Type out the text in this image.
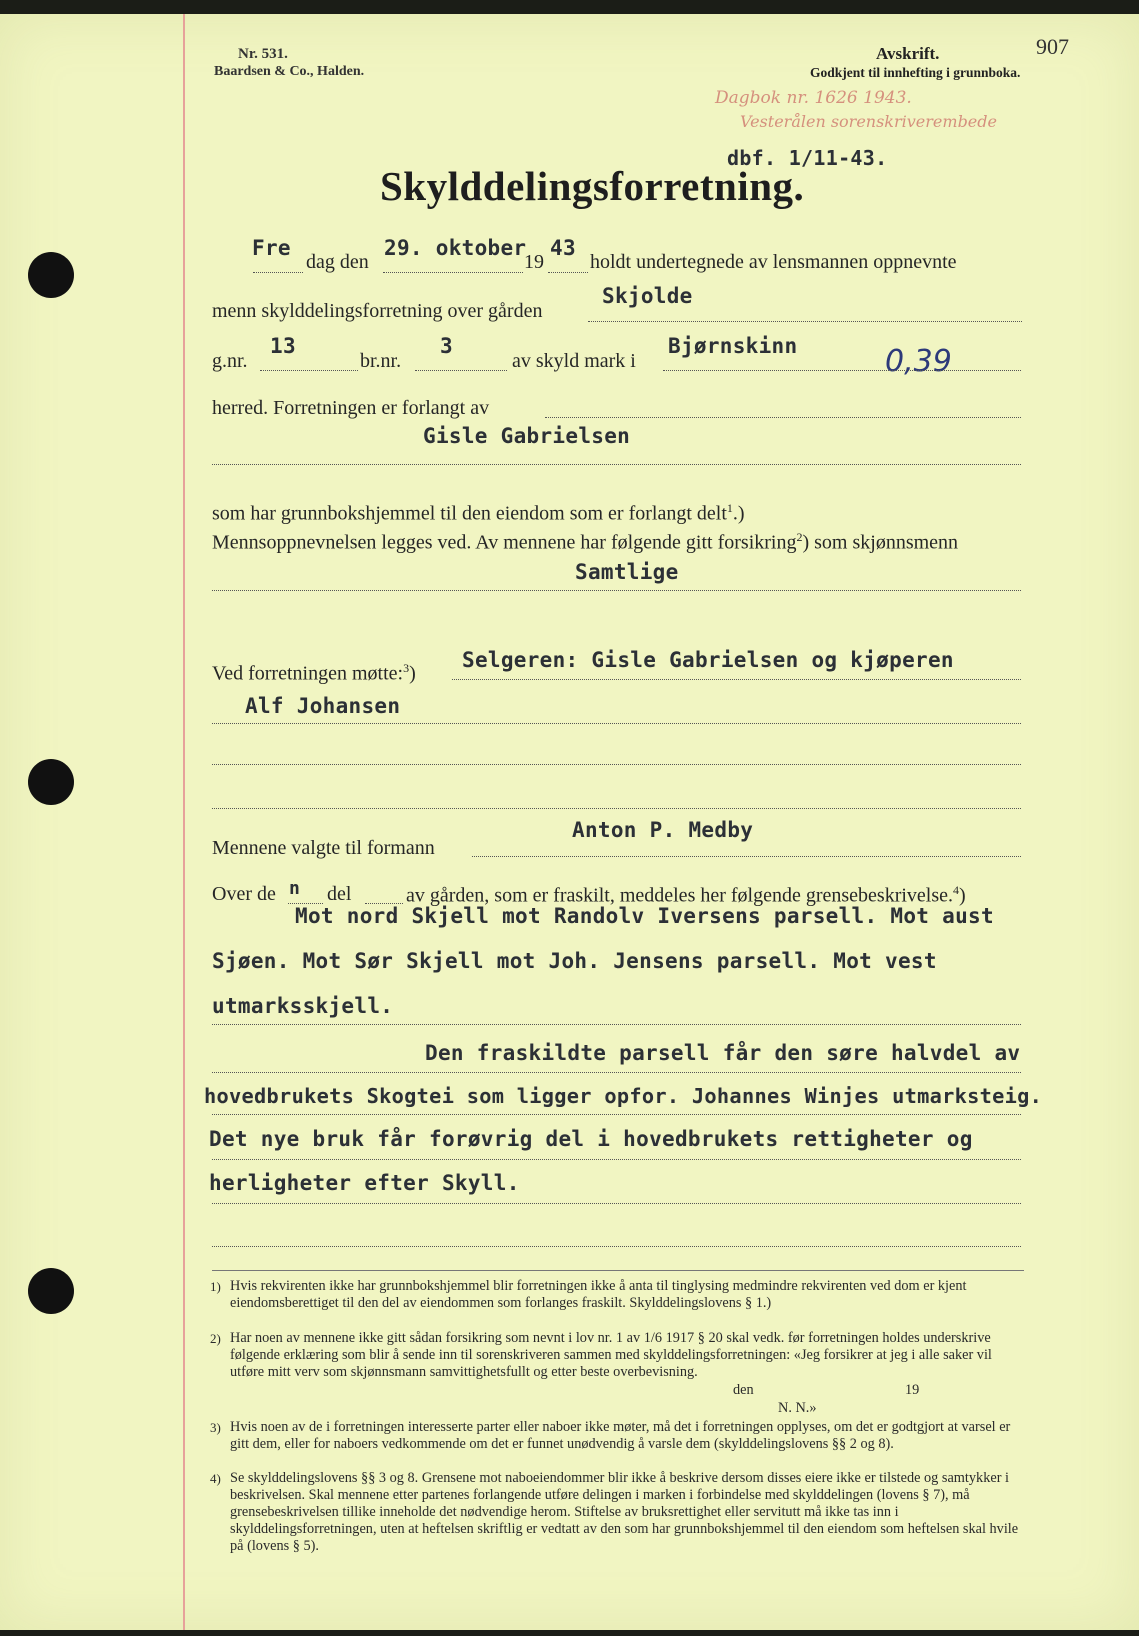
Nr. 531.
Baardsen & Co., Halden.
Avskrift.
Godkjent til innhefting i grunnboka.
907
Dagbok nr. 1626 1943.
Vesterålen sorenskriverembede
dbf. 1/11-43.
Skylddelingsforretning.
Fre
dag den
29. oktober
19
43
holdt undertegnede av lensmannen oppnevnte
menn skylddelingsforretning over gården
Skjolde
g.nr.
13
br.nr.
3
av skyld mark i
Bjørnskinn	0,39
herred. Forretningen er forlangt av
Gisle Gabrielsen
som har grunnbokshjemmel til den eiendom som er forlangt delt$^1$.)
Mennsoppnevnelsen legges ved. Av mennene har følgende gitt forsikring$^2$) som skjønnsmenn
Samtlige
Ved forretningen møtte:$^3$)
Selgeren: Gisle Gabrielsen og kjøperen
Alf Johansen
Anton P. Medby
Mennene valgte til formann
Over de n del	av gården, som er fraskilt, meddeles her følgende grensebeskrivelse.$^4$)
Mot nord Skjell mot Randolv Iversens parsell. Mot aust
Sjøen. Mot Sør Skjell mot Joh. Jensens parsell. Mot vest
utmarksskjell.
Den fraskildte parsell får den søre halvdel av
hovedbrukets Skogtei som ligger opfor. Johannes Winjes utmarksteig.
Det nye bruk får forøvrig del i hovedbrukets rettigheter og
herligheter efter Skyll.
1) Hvis rekvirenten ikke har grunnbokshjemmel blir forretningen ikke å anta til tinglysing medmindre rekvirenten ved dom er kjent eiendomsberettiget til den del av eiendommen som forlanges fraskilt. Skylddelingslovens § 1.)
2) Har noen av mennene ikke gitt sådan forsikring som nevnt i lov nr. 1 av 1/6 1917 § 20 skal vedk. før forretningen holdes underskrive følgende erklæring som blir å sende inn til sorenskriveren sammen med skylddelingsforretningen: «Jeg forsikrer at jeg i alle saker vil utføre mitt verv som skjønnsmann samvittighetsfullt og etter beste overbevisning.
den	19
N. N.»
3) Hvis noen av de i forretningen interesserte parter eller naboer ikke møter, må det i forretningen opplyses, om det er godtgjort at varsel er gitt dem, eller for naboers vedkommende om det er funnet unødvendig å varsle dem (skylddelingslovens §§ 2 og 8).
4) Se skylddelingslovens §§ 3 og 8. Grensene mot naboeiendommer blir ikke å beskrive dersom disses eiere ikke er tilstede og samtykker i beskrivelsen. Skal mennene etter partenes forlangende utføre delingen i marken i forbindelse med skylddelingen (lovens § 7), må grensebeskrivelsen tillike inneholde det nødvendige herom. Stiftelse av bruksrettighet eller servitutt må ikke tas inn i skylddelingsforretningen, uten at heftelsen skriftlig er vedtatt av den som har grunnbokshjemmel til den eiendom som heftelsen skal hvile på (lovens § 5).
